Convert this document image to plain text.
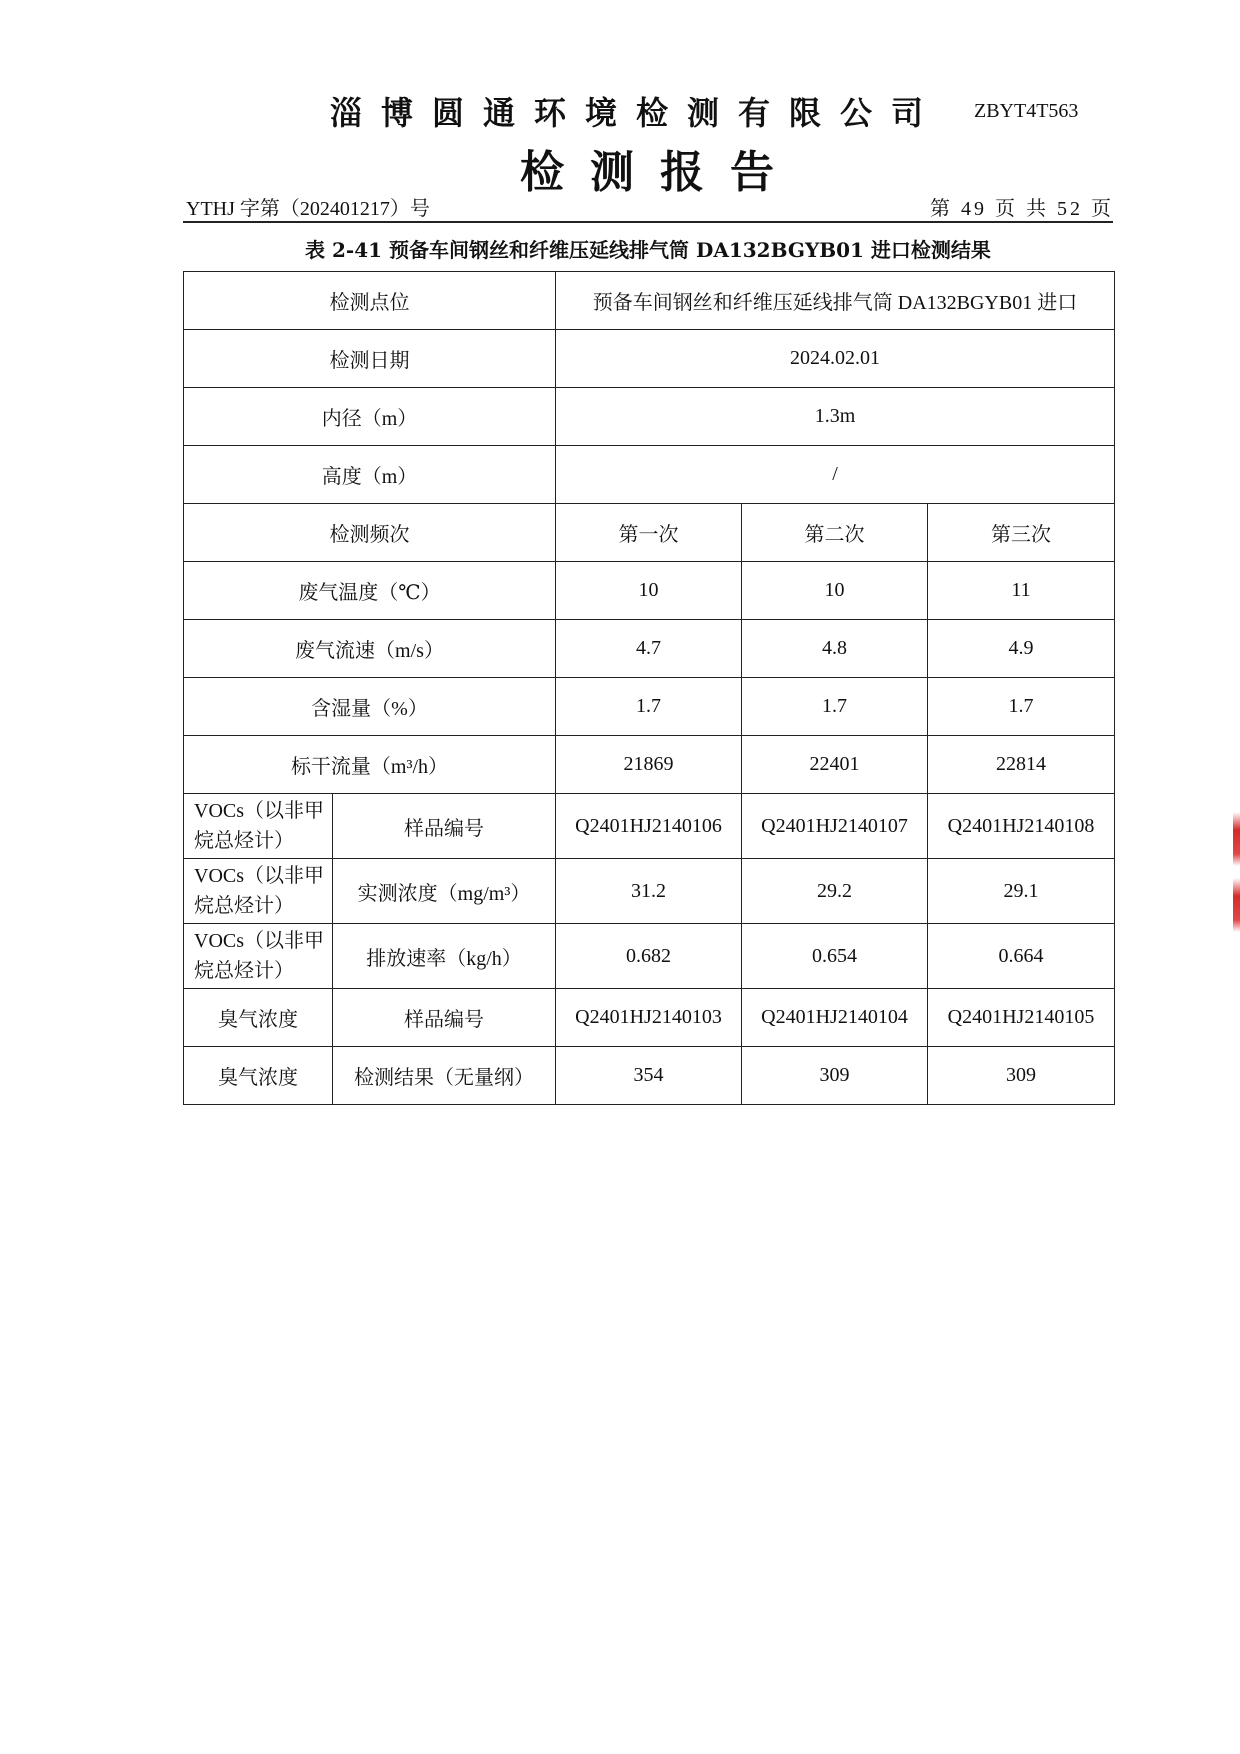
淄博圆通环境检测有限公司 ZBYT4T563
检测报告
YTHJ 字第（202401217）号	第 49 页 共 52 页
表 2-41 预备车间钢丝和纤维压延线排气筒 DA132BGYB01 进口检测结果
检测点位		预备车间钢丝和纤维压延线排气筒 DA132BGYB01 进口		
检测日期		2024.02.01		
内径（m）		1.3m		
高度（m）		/		
检测频次		第一次	第二次	第三次
废气温度（℃）		10	10	11
废气流速（m/s）		4.7	4.8	4.9
含湿量（%）		1.7	1.7	1.7
标干流量（m³/h）		21869	22401	22814
VOCs（以非甲烷总烃计）	样品编号	Q2401HJ2140106	Q2401HJ2140107	Q2401HJ2140108
VOCs（以非甲烷总烃计）	实测浓度（mg/m³）	31.2	29.2	29.1
VOCs（以非甲烷总烃计）	排放速率（kg/h）	0.682	0.654	0.664
臭气浓度	样品编号	Q2401HJ2140103	Q2401HJ2140104	Q2401HJ2140105
臭气浓度	检测结果（无量纲）	354	309	309
